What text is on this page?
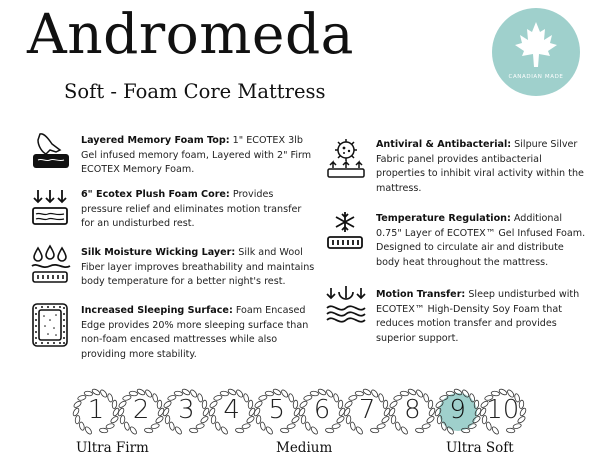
Andromeda
Soft - Foam Core Mattress
CANADIAN MADE
Layered Memory Foam Top: 1" ECOTEX 3lb Gel infused memory foam, Layered with 2" Firm ECOTEX Memory Foam.
6" Ecotex Plush Foam Core: Provides pressure relief and eliminates motion transfer for an undisturbed rest.
Silk Moisture Wicking Layer: Silk and Wool Fiber layer improves breathability and maintains body temperature for a better night's rest.
Increased Sleeping Surface: Foam Encased Edge provides 20% more sleeping surface than non-foam encased mattresses while also providing more stability.
Antiviral & Antibacterial: Silpure Silver Fabric panel provides antibacterial properties to inhibit viral activity within the mattress.
Temperature Regulation: Additional 0.75" Layer of ECOTEX™ Gel Infused Foam. Designed to circulate air and distribute body heat throughout the mattress.
Motion Transfer: Sleep undisturbed with ECOTEX™ High-Density Soy Foam that reduces motion transfer and provides superior support.
1	2	3	4	5	6	7	8	9 10
Ultra Firm	Medium	Ultra Soft
